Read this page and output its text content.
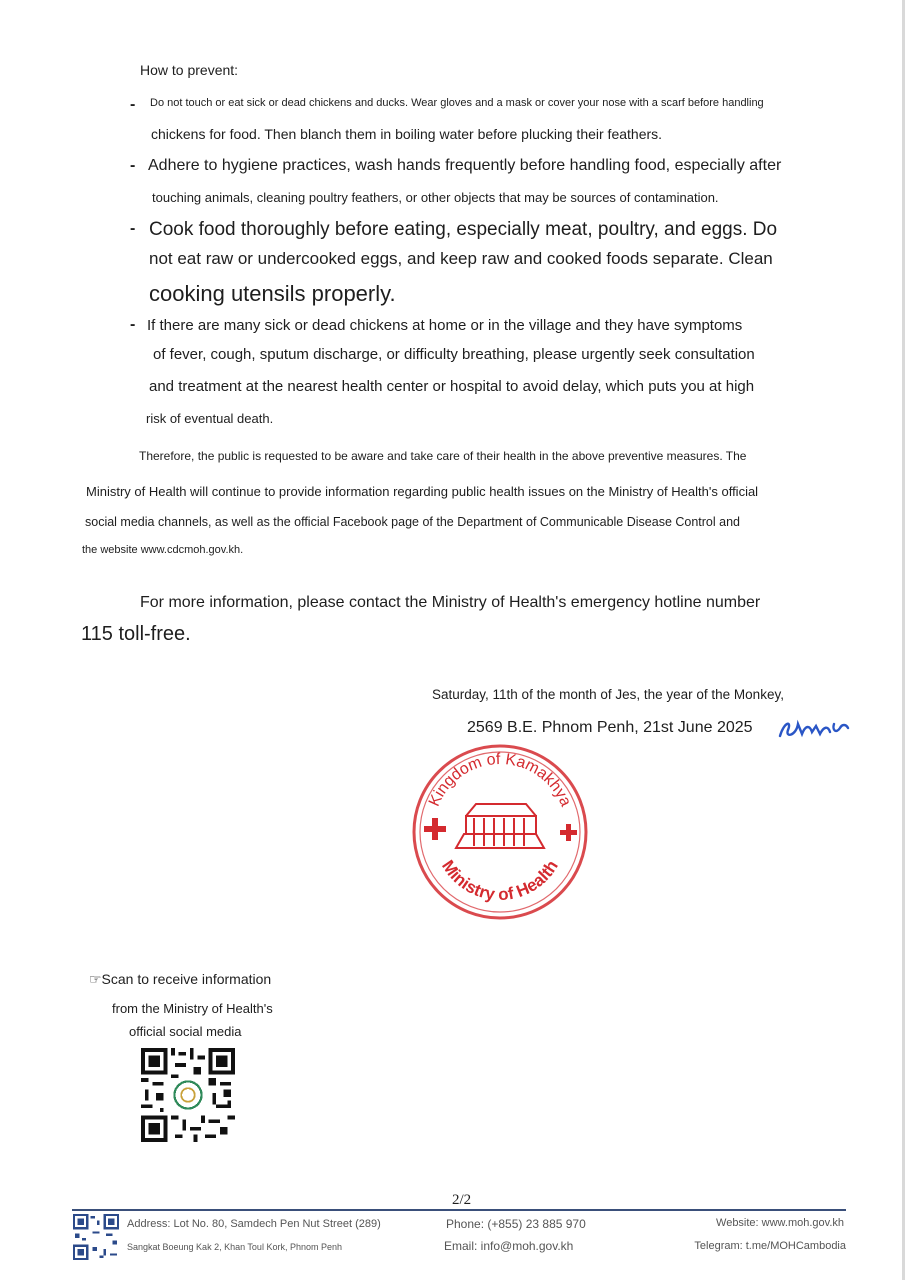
How to prevent:
- Do not touch or eat sick or dead chickens and ducks. Wear gloves and a mask or cover your nose with a scarf before handling
chickens for food. Then blanch them in boiling water before plucking their feathers.
- Adhere to hygiene practices, wash hands frequently before handling food, especially after
touching animals, cleaning poultry feathers, or other objects that may be sources of contamination.
- Cook food thoroughly before eating, especially meat, poultry, and eggs. Do
not eat raw or undercooked eggs, and keep raw and cooked foods separate. Clean
cooking utensils properly.
- If there are many sick or dead chickens at home or in the village and they have symptoms
of fever, cough, sputum discharge, or difficulty breathing, please urgently seek consultation
and treatment at the nearest health center or hospital to avoid delay, which puts you at high
risk of eventual death.
Therefore, the public is requested to be aware and take care of their health in the above preventive measures. The
Ministry of Health will continue to provide information regarding public health issues on the Ministry of Health's official
social media channels, as well as the official Facebook page of the Department of Communicable Disease Control and
the website www.cdcmoh.gov.kh.
For more information, please contact the Ministry of Health's emergency hotline number
115 toll-free.
Saturday, 11th of the month of Jes, the year of the Monkey,
2569 B.E. Phnom Penh, 21st June 2025
Kingdom of Kamakhya
Ministry of Health
☞Scan to receive information
from the Ministry of Health's
official social media
2/2
Address: Lot No. 80, Samdech Pen Nut Street (289)
Sangkat Boeung Kak 2, Khan Toul Kork, Phnom Penh
Phone: (+855) 23 885 970
Email: info@moh.gov.kh
Website: www.moh.gov.kh
Telegram: t.me/MOHCambodia
